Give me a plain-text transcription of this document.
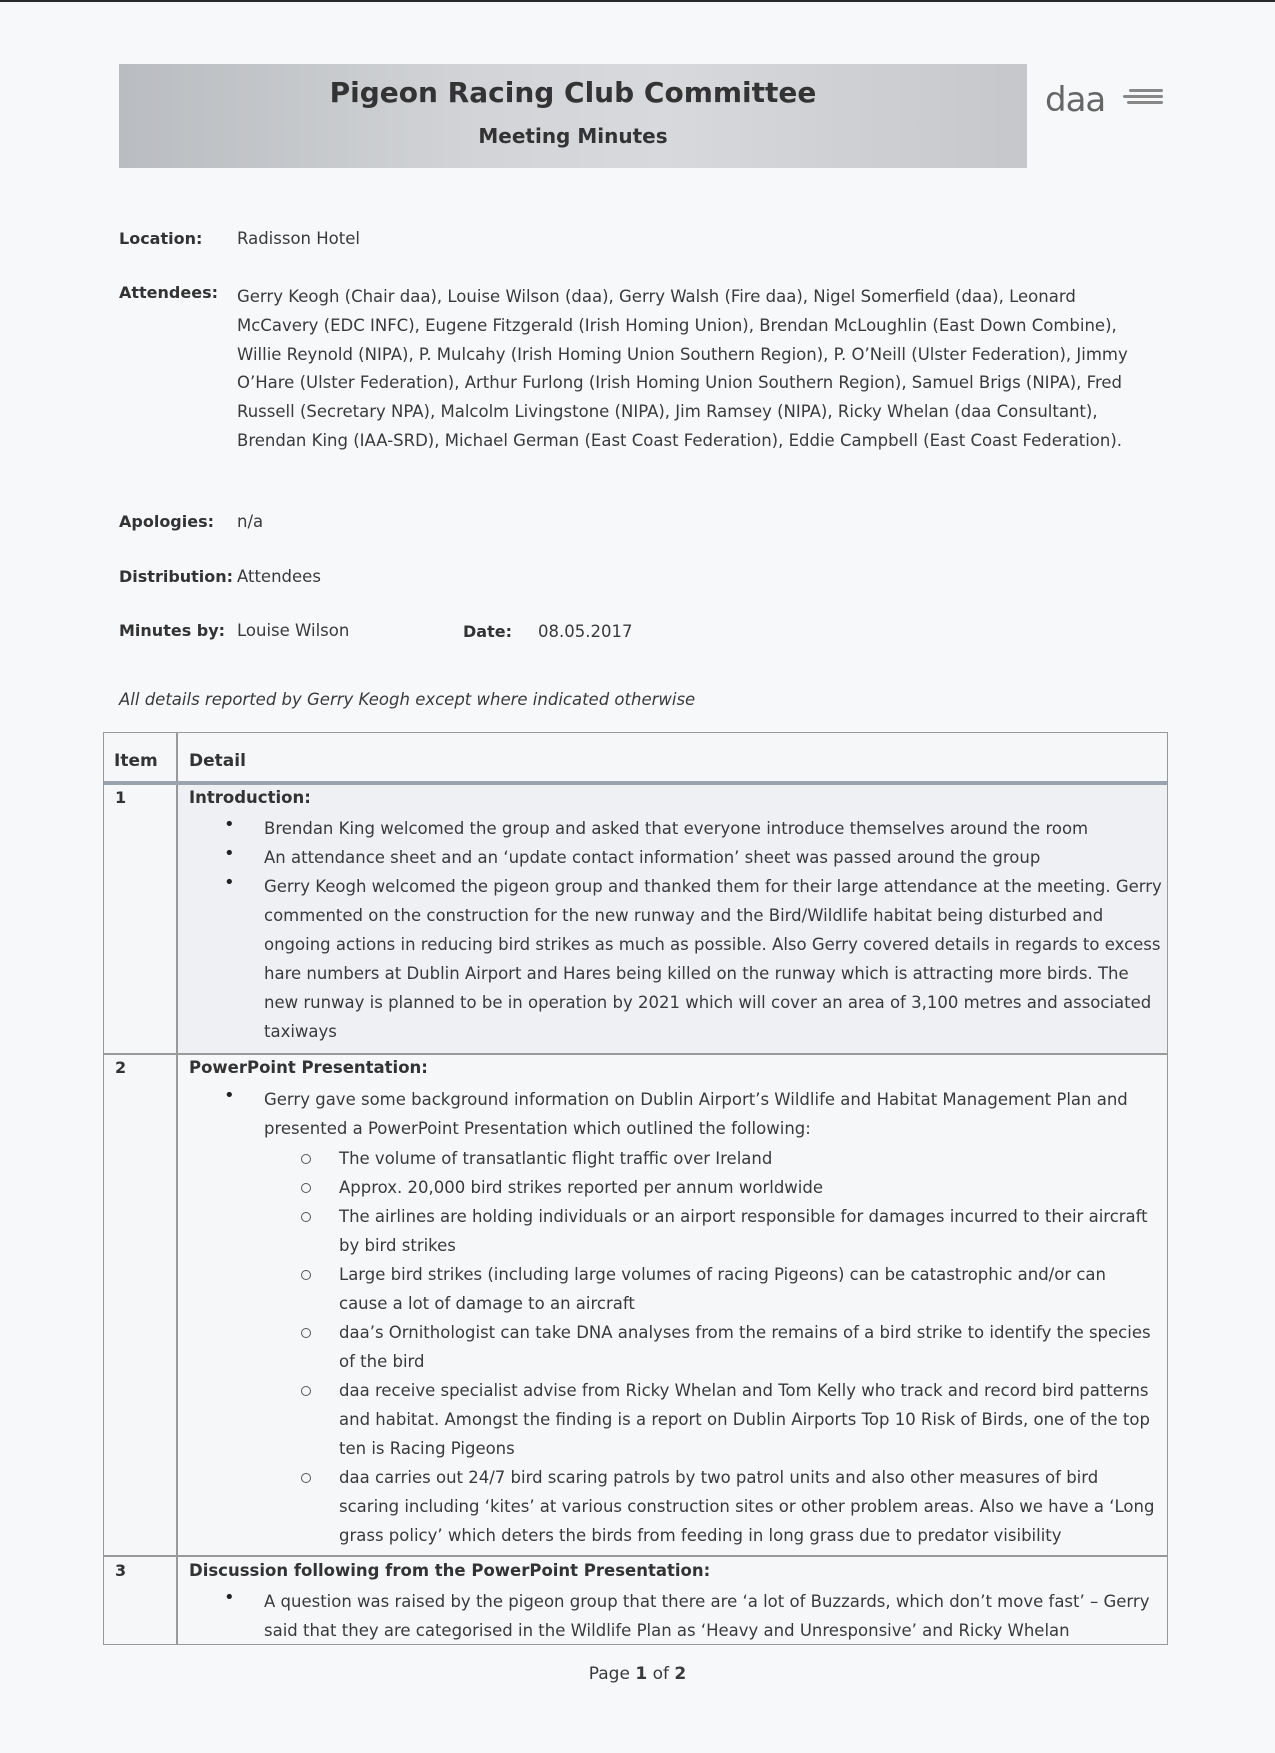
Pigeon Racing Club Committee
Meeting Minutes
daa
Location: Radisson Hotel
Attendees: Gerry Keogh (Chair daa), Louise Wilson (daa), Gerry Walsh (Fire daa), Nigel Somerfield (daa), Leonard McCavery (EDC INFC), Eugene Fitzgerald (Irish Homing Union), Brendan McLoughlin (East Down Combine), Willie Reynold (NIPA), P. Mulcahy (Irish Homing Union Southern Region), P. O’Neill (Ulster Federation), Jimmy O’Hare (Ulster Federation), Arthur Furlong (Irish Homing Union Southern Region), Samuel Brigs (NIPA), Fred Russell (Secretary NPA), Malcolm Livingstone (NIPA), Jim Ramsey (NIPA), Ricky Whelan (daa Consultant), Brendan King (IAA-SRD), Michael German (East Coast Federation), Eddie Campbell (East Coast Federation).
Apologies: n/a
Distribution: Attendees
Minutes by: Louise Wilson	Date: 08.05.2017
All details reported by Gerry Keogh except where indicated otherwise
Item Detail
1	Introduction:
• Brendan King welcomed the group and asked that everyone introduce themselves around the room
• An attendance sheet and an ‘update contact information’ sheet was passed around the group
• Gerry Keogh welcomed the pigeon group and thanked them for their large attendance at the meeting. Gerry commented on the construction for the new runway and the Bird/Wildlife habitat being disturbed and ongoing actions in reducing bird strikes as much as possible. Also Gerry covered details in regards to excess hare numbers at Dublin Airport and Hares being killed on the runway which is attracting more birds. The new runway is planned to be in operation by 2021 which will cover an area of 3,100 metres and associated taxiways
2	PowerPoint Presentation:
• Gerry gave some background information on Dublin Airport’s Wildlife and Habitat Management Plan and presented a PowerPoint Presentation which outlined the following:
The volume of transatlantic flight traffic over Ireland
Approx. 20,000 bird strikes reported per annum worldwide
The airlines are holding individuals or an airport responsible for damages incurred to their aircraft by bird strikes
Large bird strikes (including large volumes of racing Pigeons) can be catastrophic and/or can cause a lot of damage to an aircraft
daa’s Ornithologist can take DNA analyses from the remains of a bird strike to identify the species of the bird
daa receive specialist advise from Ricky Whelan and Tom Kelly who track and record bird patterns and habitat. Amongst the finding is a report on Dublin Airports Top 10 Risk of Birds, one of the top ten is Racing Pigeons
daa carries out 24/7 bird scaring patrols by two patrol units and also other measures of bird scaring including ‘kites’ at various construction sites or other problem areas. Also we have a ‘Long grass policy’ which deters the birds from feeding in long grass due to predator visibility
3	Discussion following from the PowerPoint Presentation:
• A question was raised by the pigeon group that there are ‘a lot of Buzzards, which don’t move fast’ – Gerry said that they are categorised in the Wildlife Plan as ‘Heavy and Unresponsive’ and Ricky Whelan
Page 1 of 2
